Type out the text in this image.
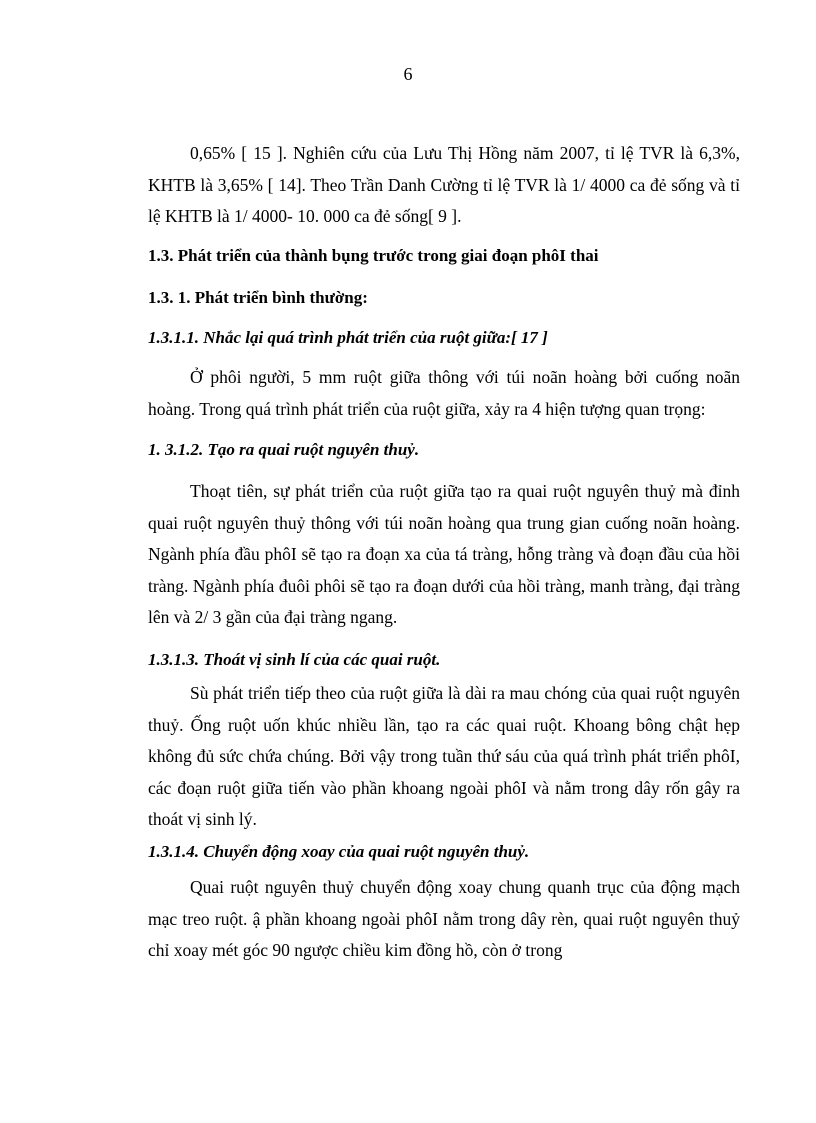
6

0,65% [ 15 ]. Nghiên cứu của Lưu Thị Hồng năm 2007, tỉ lệ TVR là 6,3%, KHTB là 3,65% [ 14]. Theo Trần Danh Cường tỉ lệ TVR là 1/ 4000 ca đẻ sống và tỉ lệ KHTB là 1/ 4000- 10. 000 ca đẻ sống[ 9 ].

1.3. Phát triển của thành bụng trước trong giai đoạn phôI thai
1.3. 1. Phát triển bình thường:
1.3.1.1. Nhắc lại quá trình phát triển của ruột giữa:[ 17 ]

Ở phôi người, 5 mm ruột giữa thông với túi noãn hoàng bởi cuống noãn hoàng. Trong quá trình phát triển của ruột giữa, xảy ra 4 hiện tượng quan trọng:

1. 3.1.2. Tạo ra quai ruột nguyên thuỷ.

Thoạt tiên, sự phát triển của ruột giữa tạo ra quai ruột nguyên thuỷ mà đỉnh quai ruột nguyên thuỷ thông với túi noãn hoàng qua trung gian cuống noãn hoàng. Ngành phía đầu phôI sẽ tạo ra đoạn xa của tá tràng, hỗng tràng và đoạn đầu của hồi tràng. Ngành phía đuôi phôi sẽ tạo ra đoạn dưới của hồi tràng, manh tràng, đại tràng lên và 2/ 3 gần của đại tràng ngang.

1.3.1.3. Thoát vị sinh lí của các quai ruột.

Sù phát triển tiếp theo của ruột giữa là dài ra mau chóng của quai ruột nguyên thuỷ. Ống ruột uốn khúc nhiều lần, tạo ra các quai ruột. Khoang bông chật hẹp không đủ sức chứa chúng. Bởi vậy trong tuần thứ sáu của quá trình phát triển phôI, các đoạn ruột giữa tiến vào phần khoang ngoài phôI và nằm trong dây rốn gây ra thoát vị sinh lý.

1.3.1.4. Chuyển động xoay của quai ruột nguyên thuỷ.

Quai ruột nguyên thuỷ chuyển động xoay chung quanh trục của động mạch mạc treo ruột. ậ phần khoang ngoài phôI nằm trong dây rèn, quai ruột nguyên thuỷ chỉ xoay mét góc 90 ngược chiều kim đồng hồ, còn ở trong
